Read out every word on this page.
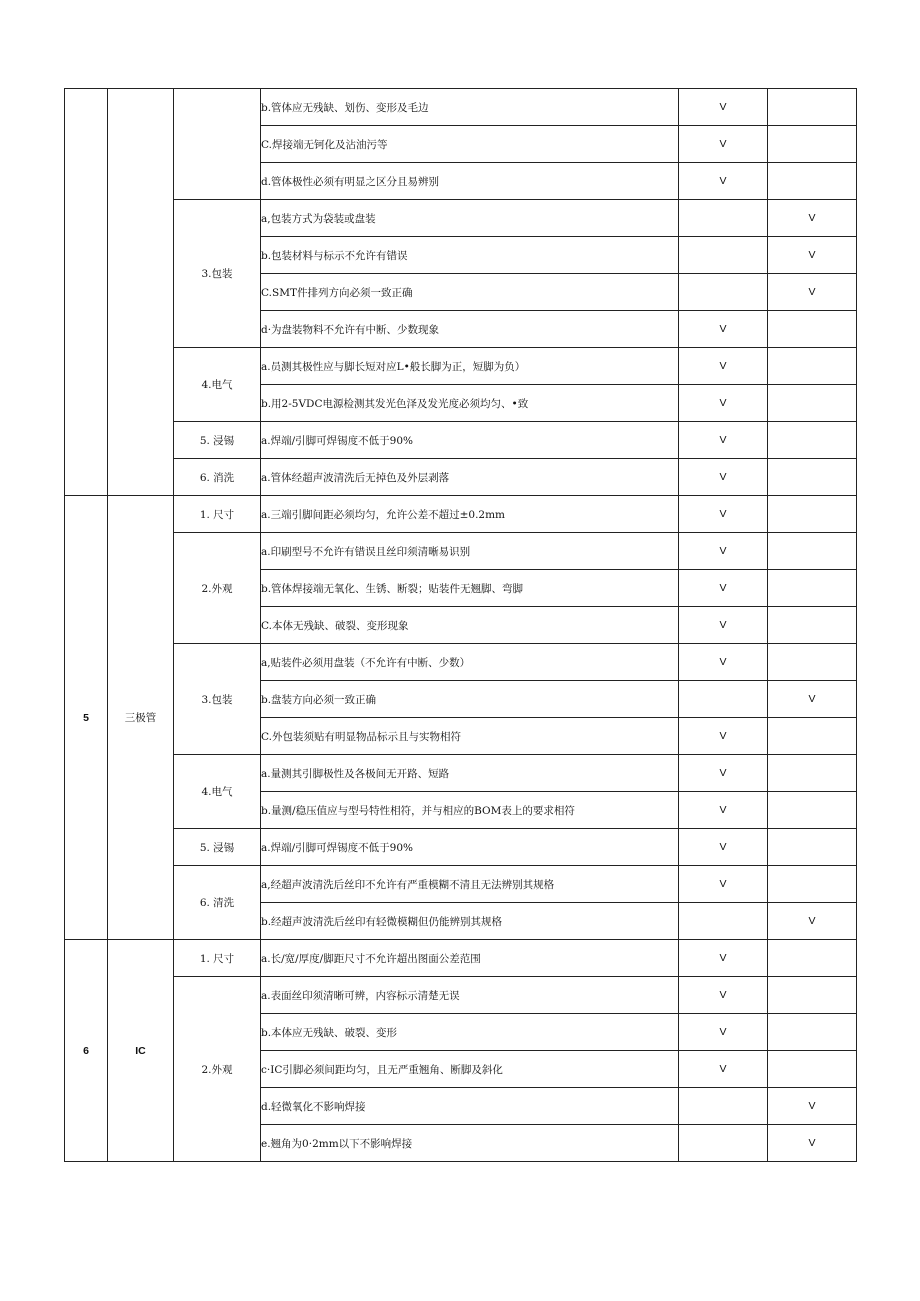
			b.管体应无残缺、划伤、变形及毛边	V	
			C.焊接端无钶化及沾油污等	V	
			d.管体极性必须有明显之区分且易辨别	V	
		3.包装	a,包装方式为袋装或盘装		V
			b.包装材料与标示不允许有错误		V
			C.SMT件排列方向必须一致正确		V
			d·为盘装物料不允许有中断、少数现象	V	
		4.电气	a.员测其极性应与脚长短对应L•般长脚为正，短脚为负）	V	
			b.用2-5VDC电源检测其发光色泽及发光度必须均匀、•致	V	
		5. 浸锡	a.焊端/引脚可焊锡度不低于90%	V	
		6. 消洗	a.管体经超声波清洗后无掉色及外层剥落	V	
5	三极管	1. 尺寸	a.三端引脚间距必须均匀，允许公差不超过±0.2mm	V	
		2.外观	a.印刷型号不允许有错误且丝印须清晰易识别	V	
			b.管体焊接端无氧化、生锈、断裂；贴装件无翘脚、弯脚	V	
			C.本体无残缺、破裂、变形现象	V	
		3.包装	a,贴装件必须用盘装（不允许有中断、少数）	V	
			b.盘装方向必须一致正确		V
			C.外包装须贴有明显物品标示且与实物相符	V	
		4.电气	a.量测其引脚极性及各极间无开路、短路	V	
			b.量测/稳压值应与型号特性相符，并与相应的BOM表上的要求相符	V	
		5. 浸锡	a.焊端/引脚可焊锡度不低于90%	V	
		6. 清洗	a,经超声波清洗后丝印不允许有严重模糊不清且无法辨别其规格	V	
			b.经超声波清洗后丝印有轻微模糊但仍能辨别其规格		V
6	IC	1. 尺寸	a.长/宽/厚度/脚距尺寸不允许超出图面公差范围	V	
		2.外观	a.表面丝印须清晰可辨，内容标示清楚无误	V	
			b.本体应无残缺、破裂、变形	V	
			c·IC引脚必须间距均匀，且无严重翘角、断脚及斜化	V	
			d.轻微氧化不影响焊接		V
			e.翘角为0·2mm以下不影响焊接		V
